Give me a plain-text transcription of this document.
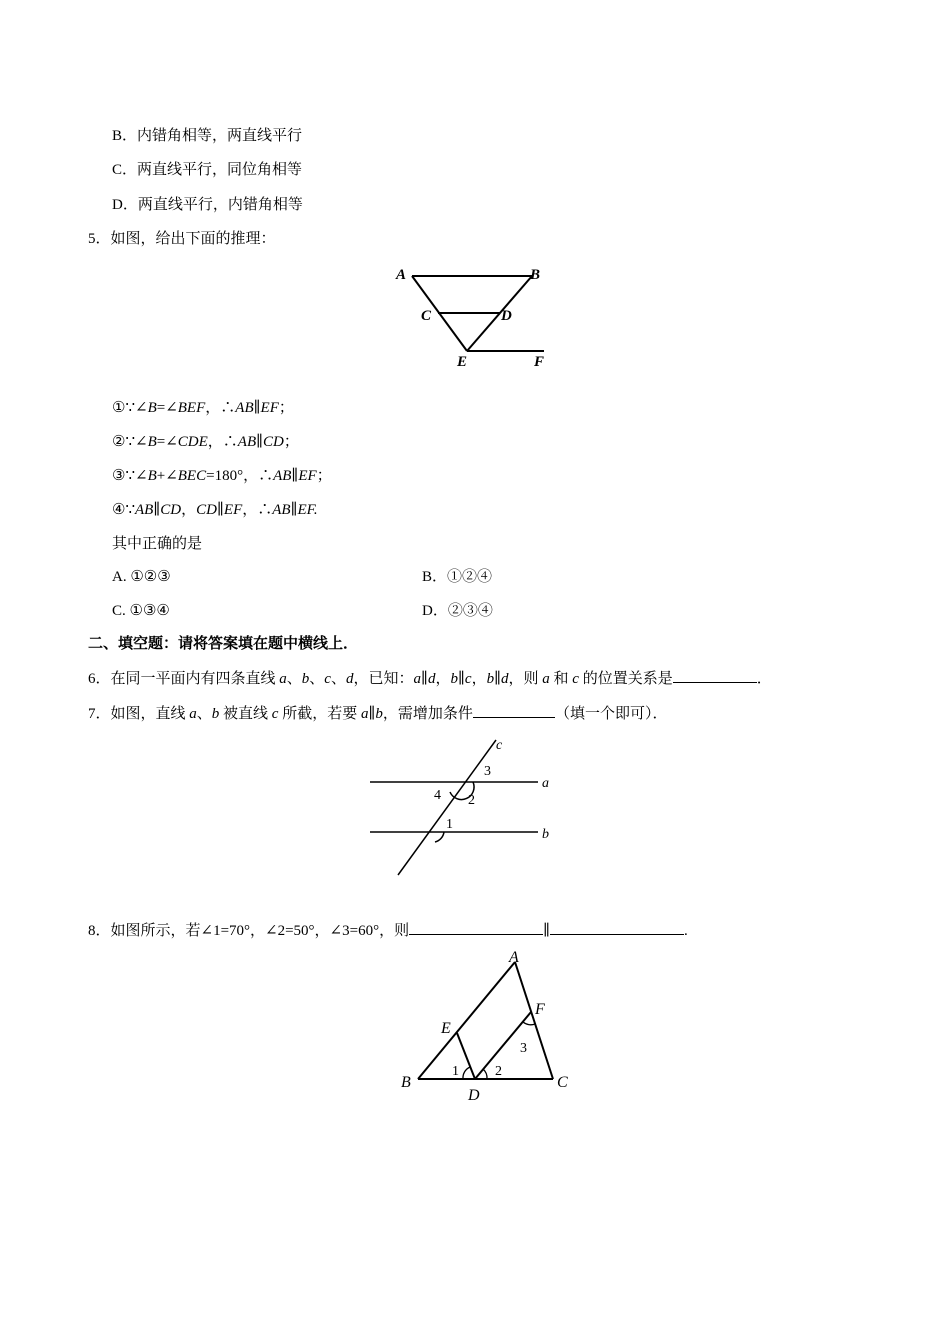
B．内错角相等，两直线平行
C．两直线平行，同位角相等
D．两直线平行，内错角相等
5．如图，给出下面的推理：
A	B
C	D
E	F
①∵∠B=∠BEF，∴AB∥EF；
②∵∠B=∠CDE，∴AB∥CD；
③∵∠B+∠BEC=180°，∴AB∥EF；
④∵AB∥CD，CD∥EF，∴AB∥EF.
其中正确的是
A. ①②③	B．①②④
C. ①③④	D．②③④
二、填空题：请将答案填在题中横线上．
6．在同一平面内有四条直线 a、b、c、d，已知：a∥d，b∥c，b∥d，则 a 和 c 的位置关系是	．
7．如图，直线 a、b 被直线 c 所截，若要 a∥b，需增加条件	（填一个即可）．
c
a
b
3
4 2
1
8．如图所示，若∠1=70°，∠2=50°，∠3=60°，则	∥	.
A
B	C
D
E
F
1	2
3
